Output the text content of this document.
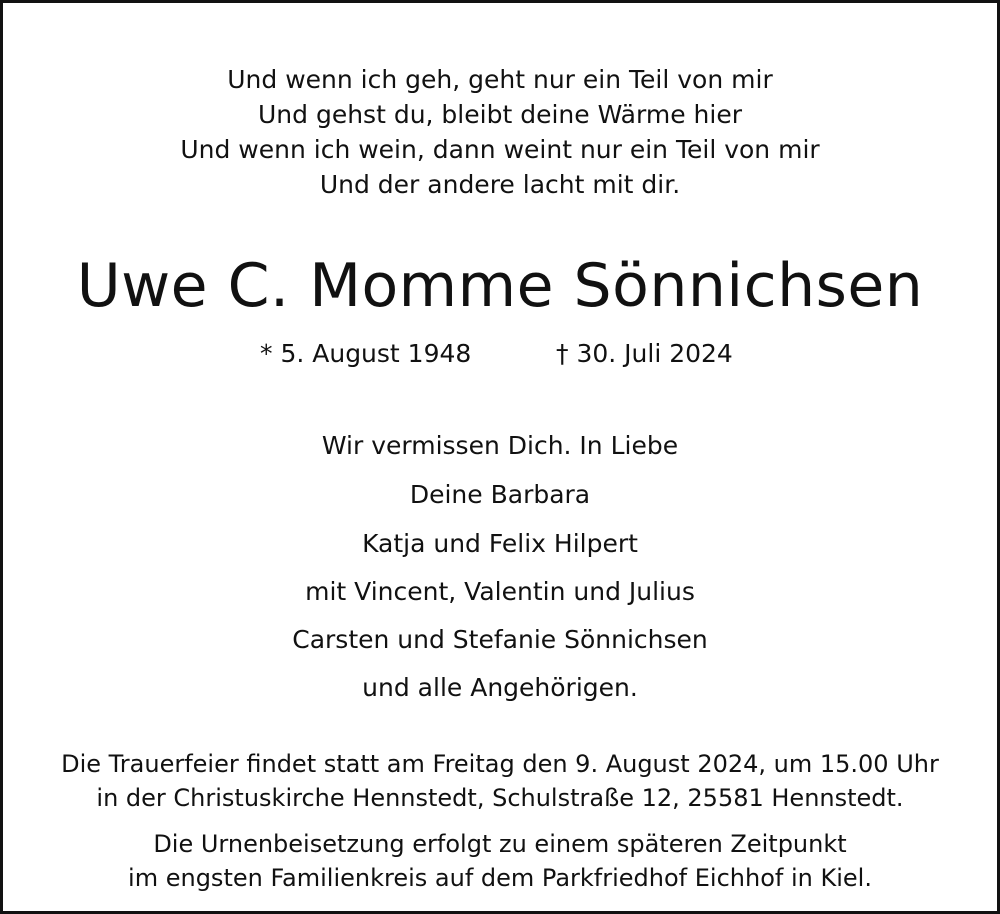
Und wenn ich geh, geht nur ein Teil von mir
Und gehst du, bleibt deine Wärme hier
Und wenn ich wein, dann weint nur ein Teil von mir
Und der andere lacht mit dir.
Uwe C. Momme Sönnichsen
* 5. August 1948	† 30. Juli 2024
Wir vermissen Dich. In Liebe
Deine Barbara
Katja und Felix Hilpert
mit Vincent, Valentin und Julius
Carsten und Stefanie Sönnichsen
und alle Angehörigen.
Die Trauerfeier findet statt am Freitag den 9. August 2024, um 15.00 Uhr
in der Christuskirche Hennstedt, Schulstraße 12, 25581 Hennstedt.
Die Urnenbeisetzung erfolgt zu einem späteren Zeitpunkt
im engsten Familienkreis auf dem Parkfriedhof Eichhof in Kiel.
